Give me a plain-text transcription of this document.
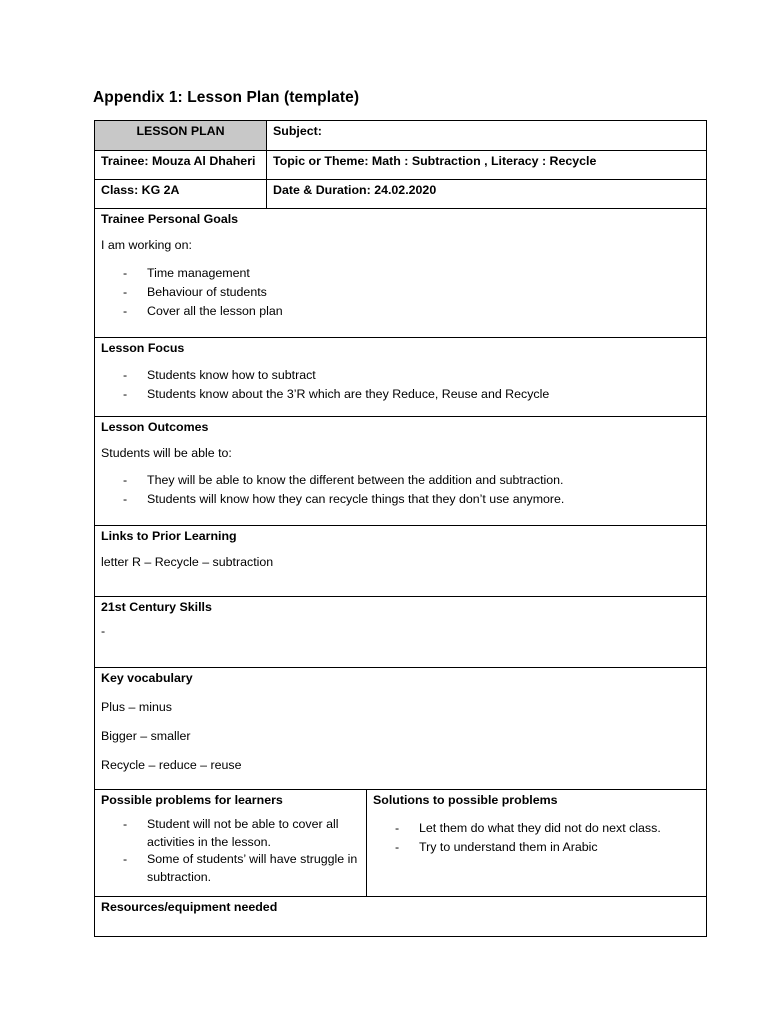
Appendix 1: Lesson Plan (template)
LESSON PLAN	Subject:
Trainee: Mouza Al Dhaheri	Topic or Theme: Math : Subtraction , Literacy : Recycle
Class: KG 2A	Date & Duration: 24.02.2020
Trainee Personal Goals
I am working on:
- Time management
- Behaviour of students
- Cover all the lesson plan
Lesson Focus
- Students know how to subtract
- Students know about the 3’R which are they Reduce, Reuse and Recycle
Lesson Outcomes
Students will be able to:
- They will be able to know the different between the addition and subtraction.
- Students will know how they can recycle things that they don’t use anymore.
Links to Prior Learning
letter R – Recycle – subtraction
21st Century Skills
-
Key vocabulary
Plus – minus
Bigger – smaller
Recycle – reduce – reuse
Possible problems for learners
- Student will not be able to cover all activities in the lesson.
- Some of students’ will have struggle in subtraction.
Solutions to possible problems
- Let them do what they did not do next class.
- Try to understand them in Arabic
Resources/equipment needed
